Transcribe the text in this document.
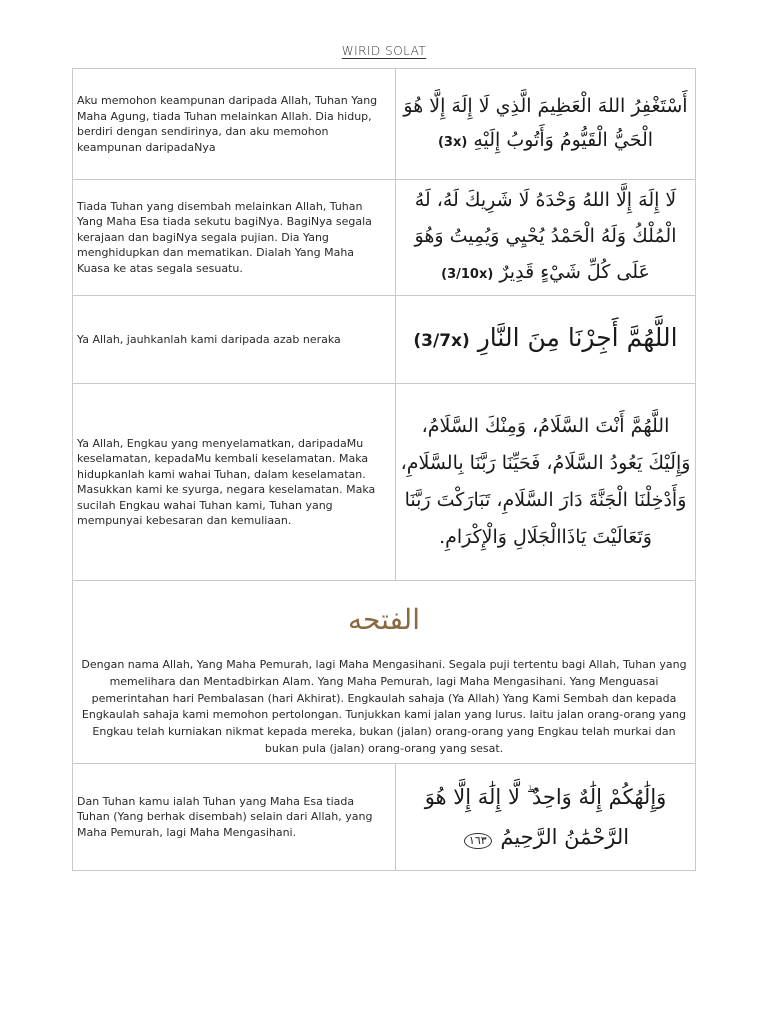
WIRID SOLAT

Aku memohon keampunan daripada Allah, Tuhan Yang Maha Agung, tiada Tuhan melainkan Allah. Dia hidup, berdiri dengan sendirinya, dan aku memohon keampunan daripadaNya

أَسْتَغْفِرُ اللهَ الْعَظِيمَ الَّذِي لَا إِلَهَ إِلَّا هُوَ الْحَيُّ الْقَيُّومُ وَأَتُوبُ إِلَيْهِ (3x)

Tiada Tuhan yang disembah melainkan Allah, Tuhan Yang Maha Esa tiada sekutu bagiNya. BagiNya segala kerajaan dan bagiNya segala pujian. Dia Yang menghidupkan dan mematikan. Dialah Yang Maha Kuasa ke atas segala sesuatu.

لَا إِلَهَ إِلَّا اللهُ وَحْدَهُ لَا شَرِيكَ لَهُ، لَهُ الْمُلْكُ وَلَهُ الْحَمْدُ يُحْيِي وَيُمِيتُ وَهُوَ عَلَى كُلِّ شَيْءٍ قَدِيرٌ (3/10x)

Ya Allah, jauhkanlah kami daripada azab neraka	اللَّهُمَّ أَجِرْنَا مِنَ النَّارِ (3/7x)

Ya Allah, Engkau yang menyelamatkan, daripadaMu keselamatan, kepadaMu kembali keselamatan. Maka hidupkanlah kami wahai Tuhan, dalam keselamatan. Masukkan kami ke syurga, negara keselamatan. Maka sucilah Engkau wahai Tuhan kami, Tuhan yang mempunyai kebesaran dan kemuliaan.

اللَّهُمَّ أَنْتَ السَّلَامُ، وَمِنْكَ السَّلَامُ، وَإِلَيْكَ يَعُودُ السَّلَامُ، فَحَيِّنَا رَبَّنَا بِالسَّلَامِ، وَأَدْخِلْنَا الْجَنَّةَ دَارَ السَّلَامِ، تَبَارَكْتَ رَبَّنَا وَتَعَالَيْتَ يَاذَاالْجَلَالِ وَالْإِكْرَامِ.

الفتحه

Dengan nama Allah, Yang Maha Pemurah, lagi Maha Mengasihani. Segala puji tertentu bagi Allah, Tuhan yang memelihara dan Mentadbirkan Alam. Yang Maha Pemurah, lagi Maha Mengasihani. Yang Menguasai pemerintahan hari Pembalasan (hari Akhirat). Engkaulah sahaja (Ya Allah) Yang Kami Sembah dan kepada Engkaulah sahaja kami memohon pertolongan. Tunjukkan kami jalan yang lurus. Iaitu jalan orang-orang yang Engkau telah kurniakan nikmat kepada mereka, bukan (jalan) orang-orang yang Engkau telah murkai dan bukan pula (jalan) orang-orang yang sesat.

Dan Tuhan kamu ialah Tuhan yang Maha Esa tiada Tuhan (Yang berhak disembah) selain dari Allah, yang Maha Pemurah, lagi Maha Mengasihani.

وَإِلَٰهُكُمْ إِلَٰهٌ وَاحِدٌ ۖ لَّا إِلَٰهَ إِلَّا هُوَ الرَّحْمَٰنُ الرَّحِيمُ ١٦٣
